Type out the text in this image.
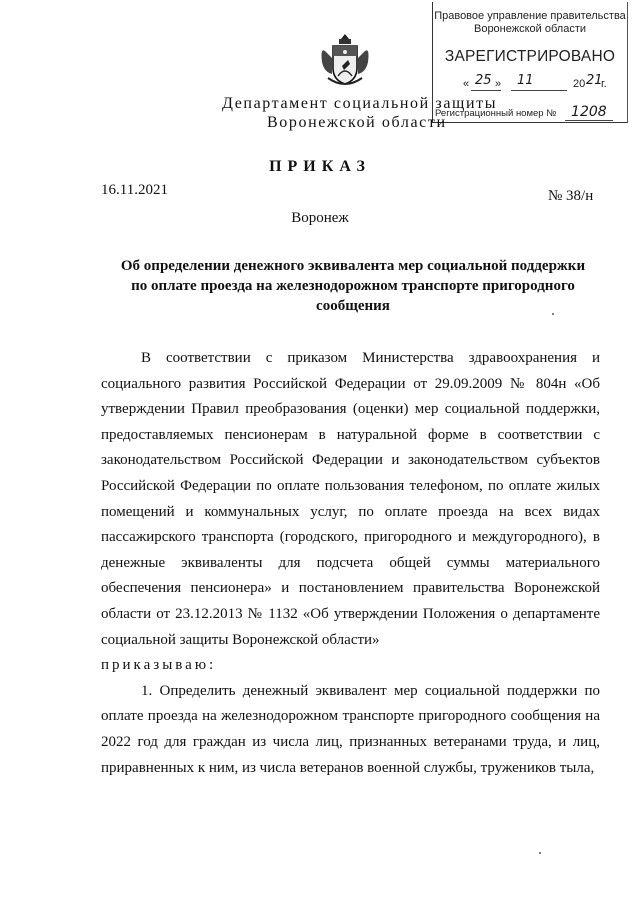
Правовое управление правительства
Воронежской области
ЗАРЕГИСТРИРОВАНО
« 25 » 11	20 21
г.
Регистрационный номер № 1208
Департамент социальной защиты
Воронежской области
ПРИКАЗ
16.11.2021	№ 38/н
Воронеж
Об определении денежного эквивалента мер социальной поддержки по оплате проезда на железнодорожном транспорте пригородного сообщения

В соответствии с приказом Министерства здравоохранения и социального развития Российской Федерации от 29.09.2009 № 804н «Об утверждении Правил преобразования (оценки) мер социальной поддержки, предоставляемых пенсионерам в натуральной форме в соответствии с законодательством Российской Федерации и законодательством субъектов Российской Федерации по оплате пользования телефоном, по оплате жилых помещений и коммунальных услуг, по оплате проезда на всех видах пассажирского транспорта (городского, пригородного и междугородного), в денежные эквиваленты для подсчета общей суммы материального обеспечения пенсионера» и постановлением правительства Воронежской области от 23.12.2013 № 1132 «Об утверждении Положения о департаменте социальной защиты Воронежской области»

приказываю:

1. Определить денежный эквивалент мер социальной поддержки по оплате проезда на железнодорожном транспорте пригородного сообщения на 2022 год для граждан из числа лиц, признанных ветеранами труда, и лиц, приравненных к ним, из числа ветеранов военной службы, тружеников тыла,
